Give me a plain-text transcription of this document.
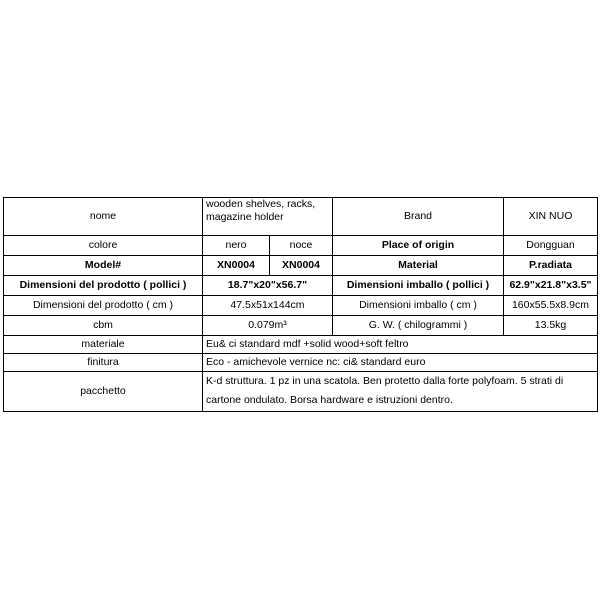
nome	wooden shelves, racks, magazine holder		Brand	XIN NUO
colore	nero	noce	Place of origin	Dongguan
Model#	XN0004	XN0004	Material	P.radiata
Dimensioni del prodotto ( pollici )	18.7"x20"x56.7"		Dimensioni imballo ( pollici )	62.9"x21.8"x3.5"
Dimensioni del prodotto ( cm )	47.5x51x144cm		Dimensioni imballo ( cm )	160x55.5x8.9cm
cbm	0.079m³		G. W. ( chilogrammi )	13.5kg
materiale	Eu& ci standard mdf +solid wood+soft feltro			
finitura	Eco - amichevole vernice nc: ci& standard euro			
pacchetto	K-d struttura. 1 pz in una scatola. Ben protetto dalla forte polyfoam. 5 strati di cartone ondulato. Borsa hardware e istruzioni dentro.			
